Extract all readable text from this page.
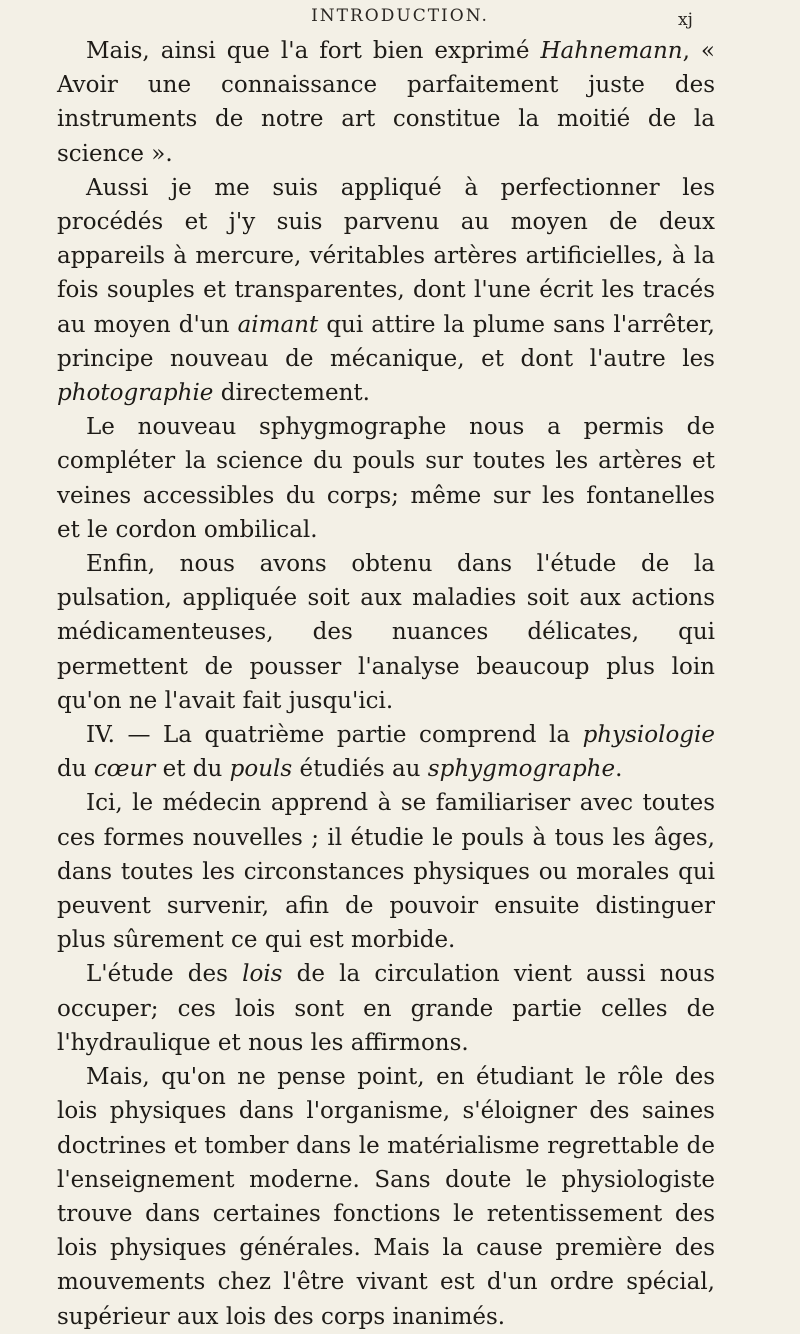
INTRODUCTION.	xj

Mais, ainsi que l'a fort bien exprimé Hahnemann, « Avoir une connaissance parfaitement juste des instruments de notre art constitue la moitié de la science ».

Aussi je me suis appliqué à perfectionner les procédés et j'y suis parvenu au moyen de deux appareils à mercure, véritables artères artificielles, à la fois souples et transparentes, dont l'une écrit les tracés au moyen d'un aimant qui attire la plume sans l'arrêter, principe nouveau de mécanique, et dont l'autre les photographie directement.

Le nouveau sphygmographe nous a permis de compléter la science du pouls sur toutes les artères et veines accessibles du corps; même sur les fontanelles et le cordon ombilical.

Enfin, nous avons obtenu dans l'étude de la pulsation, appliquée soit aux maladies soit aux actions médicamenteuses, des nuances délicates, qui permettent de pousser l'analyse beaucoup plus loin qu'on ne l'avait fait jusqu'ici.

IV. — La quatrième partie comprend la physiologie du cœur et du pouls étudiés au sphygmographe.

Ici, le médecin apprend à se familiariser avec toutes ces formes nouvelles ; il étudie le pouls à tous les âges, dans toutes les circonstances physiques ou morales qui peuvent survenir, afin de pouvoir ensuite distinguer plus sûrement ce qui est morbide.

L'étude des lois de la circulation vient aussi nous occuper; ces lois sont en grande partie celles de l'hydraulique et nous les affirmons.

Mais, qu'on ne pense point, en étudiant le rôle des lois physiques dans l'organisme, s'éloigner des saines doctrines et tomber dans le matérialisme regrettable de l'enseignement moderne. Sans doute le physiologiste trouve dans certaines fonctions le retentissement des lois physiques générales. Mais la cause première des mouvements chez l'être vivant est d'un ordre spécial, supérieur aux lois des corps inanimés.
